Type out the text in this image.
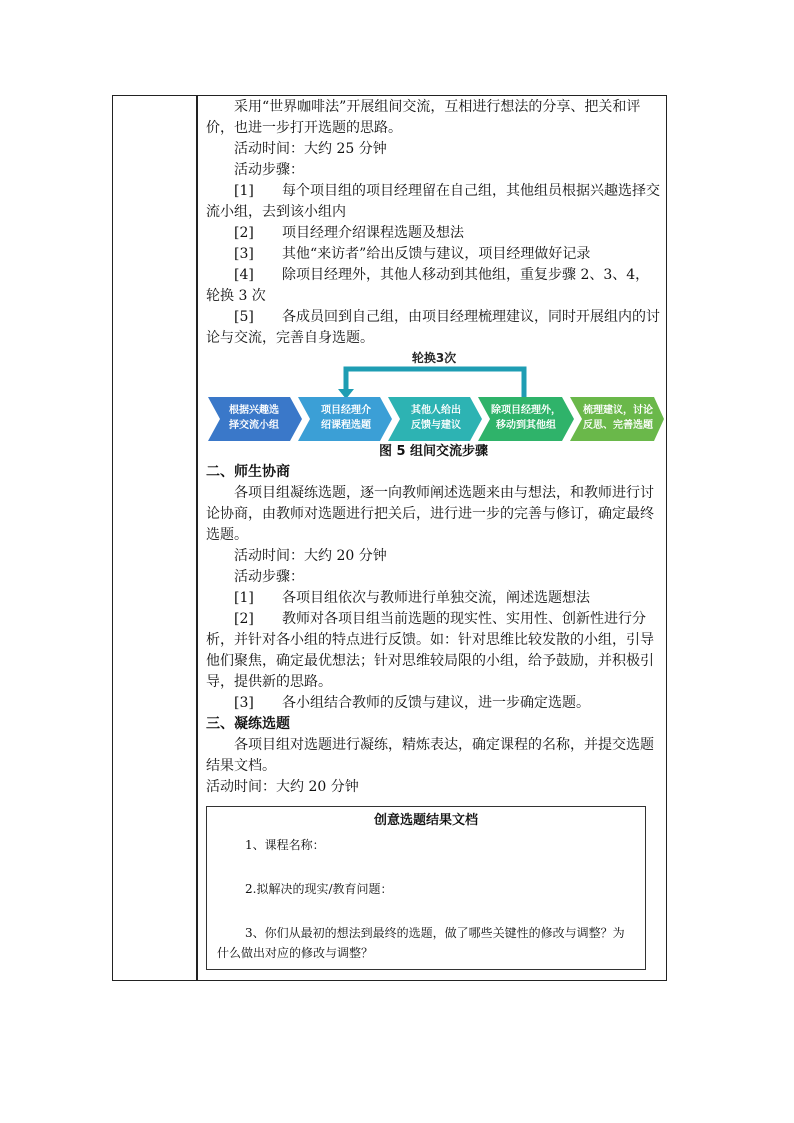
采用“世界咖啡法”开展组间交流，互相进行想法的分享、把关和评价，也进一步打开选题的思路。

活动时间：大约 25 分钟

活动步骤：

[1] 每个项目组的项目经理留在自己组，其他组员根据兴趣选择交流小组，去到该小组内

[2] 项目经理介绍课程选题及想法

[3] 其他“来访者”给出反馈与建议，项目经理做好记录

[4] 除项目经理外，其他人移动到其他组，重复步骤 2、3、4，轮换 3 次

[5] 各成员回到自己组，由项目经理梳理建议，同时开展组内的讨论与交流，完善自身选题。

轮换3次
根据兴趣选
择交流小组
项目经理介
绍课程选题
其他人给出
反馈与建议
除项目经理外，
移动到其他组
梳理建议，讨论
反思、完善选题

图 5 组间交流步骤

二、师生协商

各项目组凝练选题，逐一向教师阐述选题来由与想法，和教师进行讨论协商，由教师对选题进行把关后，进行进一步的完善与修订，确定最终选题。

活动时间：大约 20 分钟

活动步骤：

[1] 各项目组依次与教师进行单独交流，阐述选题想法

[2] 教师对各项目组当前选题的现实性、实用性、创新性进行分析，并针对各小组的特点进行反馈。如：针对思维比较发散的小组，引导他们聚焦，确定最优想法；针对思维较局限的小组，给予鼓励，并积极引导，提供新的思路。

[3] 各小组结合教师的反馈与建议，进一步确定选题。

三、凝练选题

各项目组对选题进行凝练，精炼表达，确定课程的名称，并提交选题结果文档。

活动时间：大约 20 分钟

创意选题结果文档
1、课程名称：
2.拟解决的现实/教育问题：
3、你们从最初的想法到最终的选题，做了哪些关键性的修改与调整？为什么做出对应的修改与调整？
